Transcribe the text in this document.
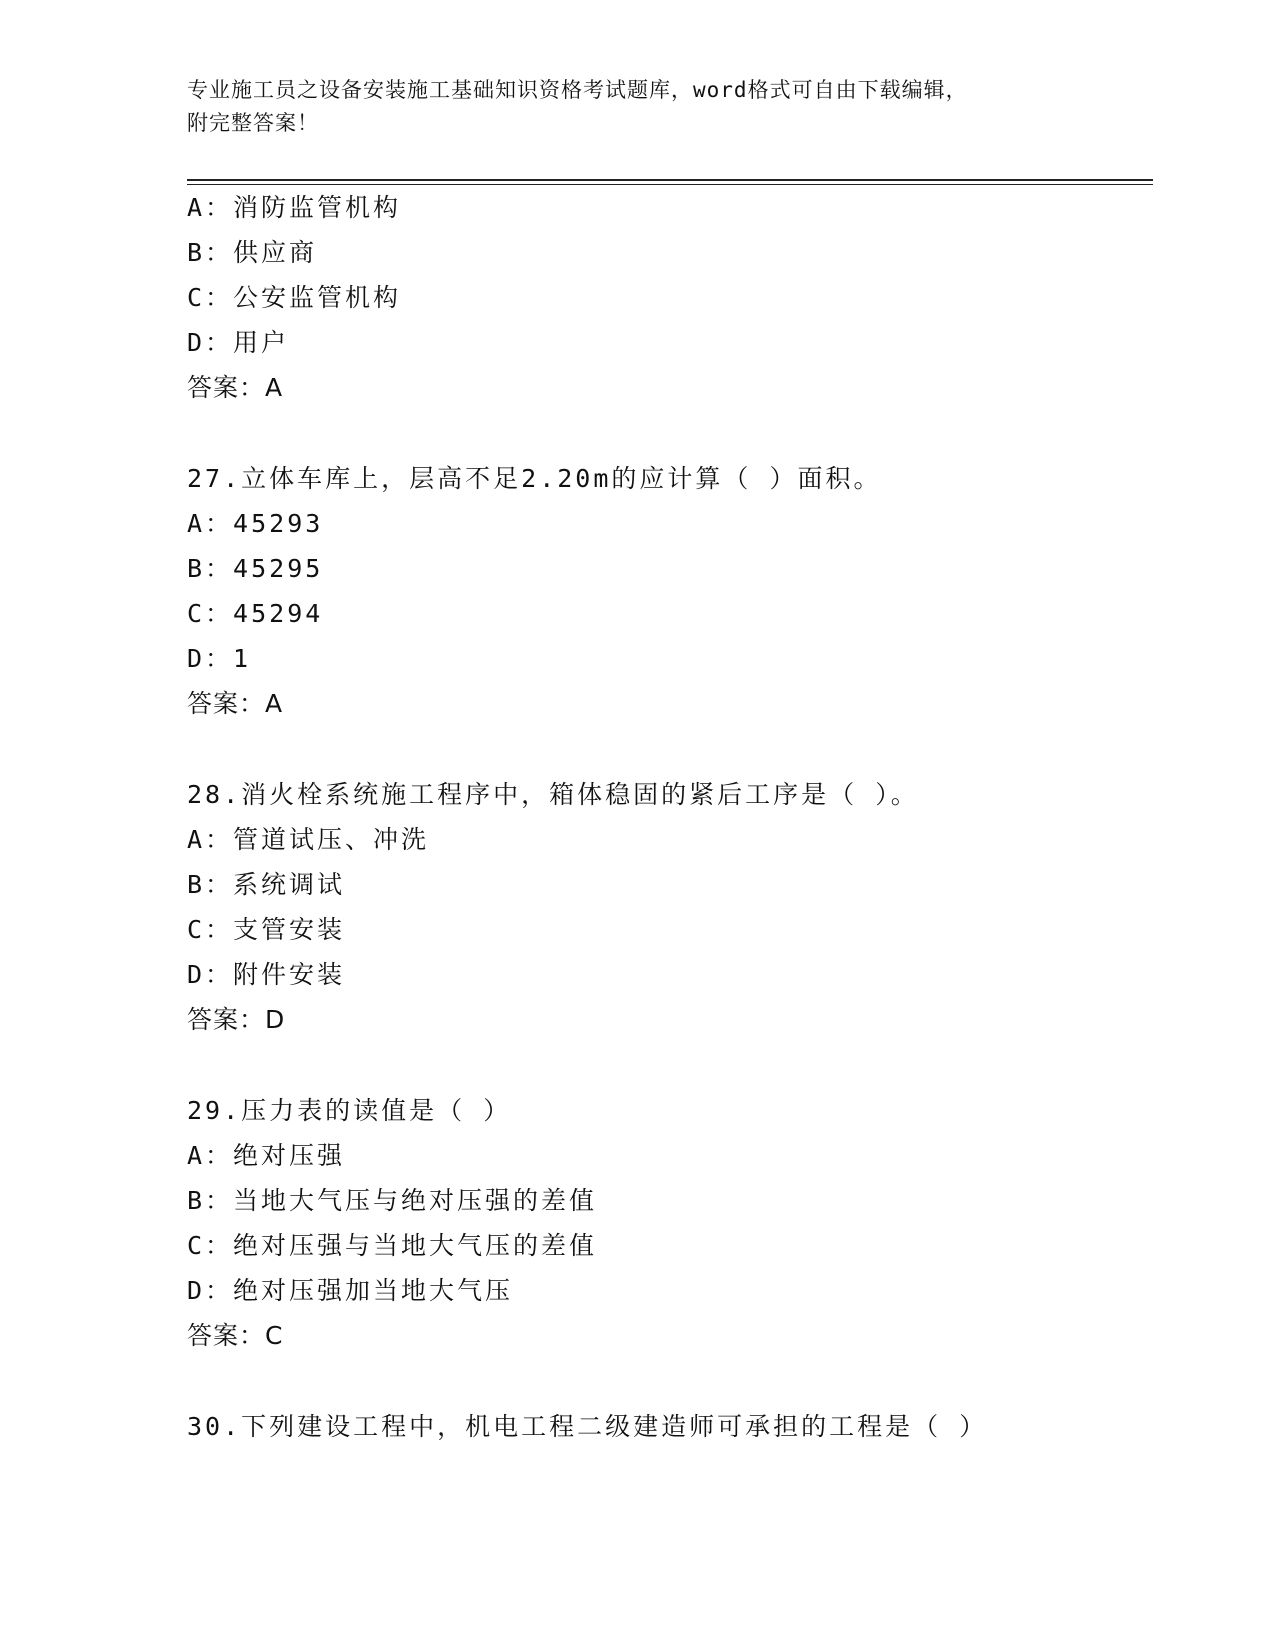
专业施工员之设备安装施工基础知识资格考试题库，word格式可自由下载编辑，
附完整答案！
A：消防监管机构
B：供应商
C：公安监管机构
D：用户
答案：A
27.立体车库上，层高不足2.20m的应计算（ ）面积。
A：45293
B：45295
C：45294
D：1
答案：A
28.消火栓系统施工程序中，箱体稳固的紧后工序是（ ）。
A：管道试压、冲洗
B：系统调试
C：支管安装
D：附件安装
答案：D
29.压力表的读值是（ ）
A：绝对压强
B：当地大气压与绝对压强的差值
C：绝对压强与当地大气压的差值
D：绝对压强加当地大气压
答案：C
30.下列建设工程中，机电工程二级建造师可承担的工程是（ ）
